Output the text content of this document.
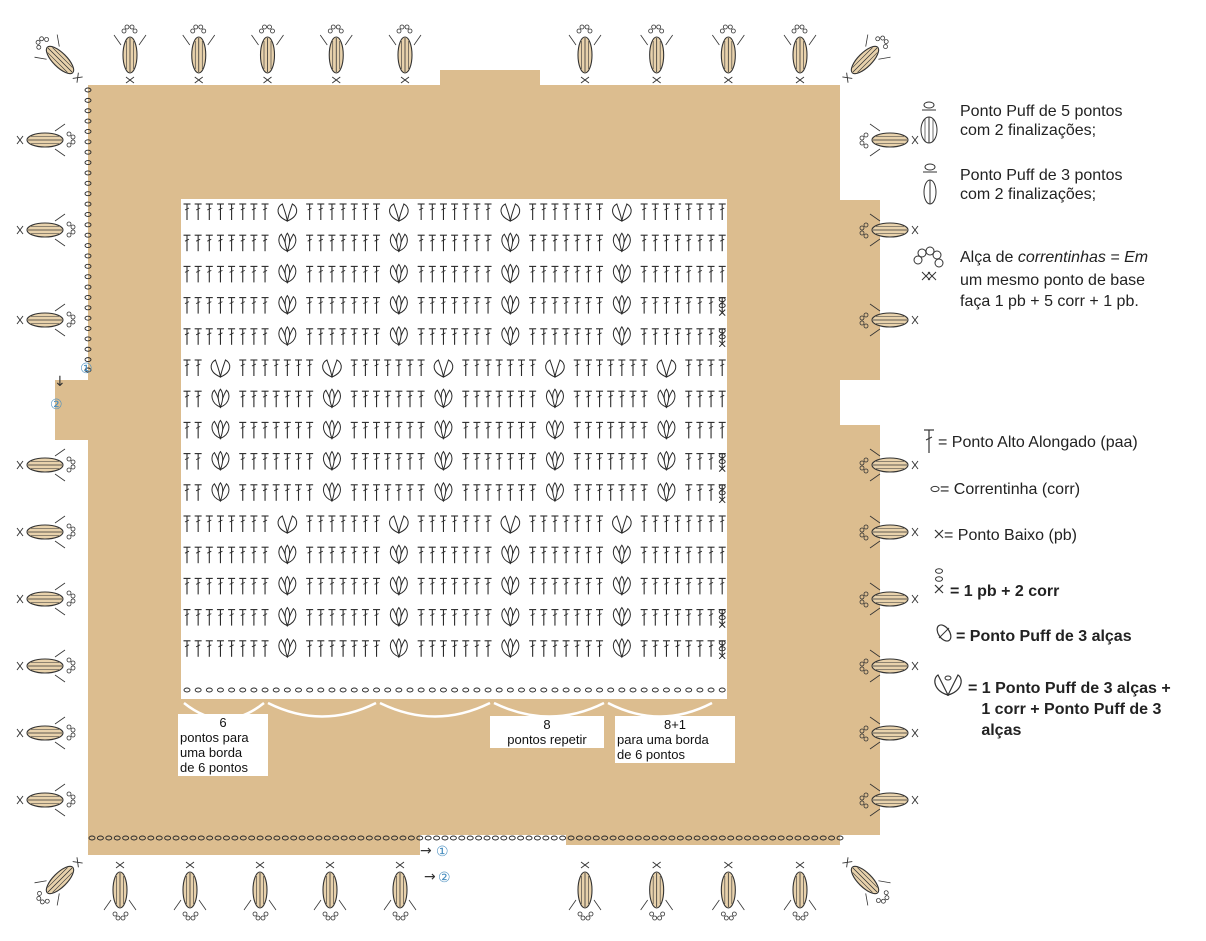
6
pontos para
uma borda
de 6 pontos
8
pontos repetir
8+1
para uma borda
de 6 pontos
①
②
↓
→ ①
→ ②
Ponto Puff de 5 pontos
com 2 finalizações;
Ponto Puff de 3 pontos
com 2 finalizações;
Alça de correntinhas = Em
um mesmo ponto de base
faça 1 pb + 5 corr + 1 pb.
= Ponto Alto Alongado (paa)
= Correntinha (corr)
= Ponto Baixo (pb)
= 1 pb + 2 corr
= Ponto Puff de 3 alças
= 1 Ponto Puff de 3 alças +
1 corr + Ponto Puff de 3
alças
